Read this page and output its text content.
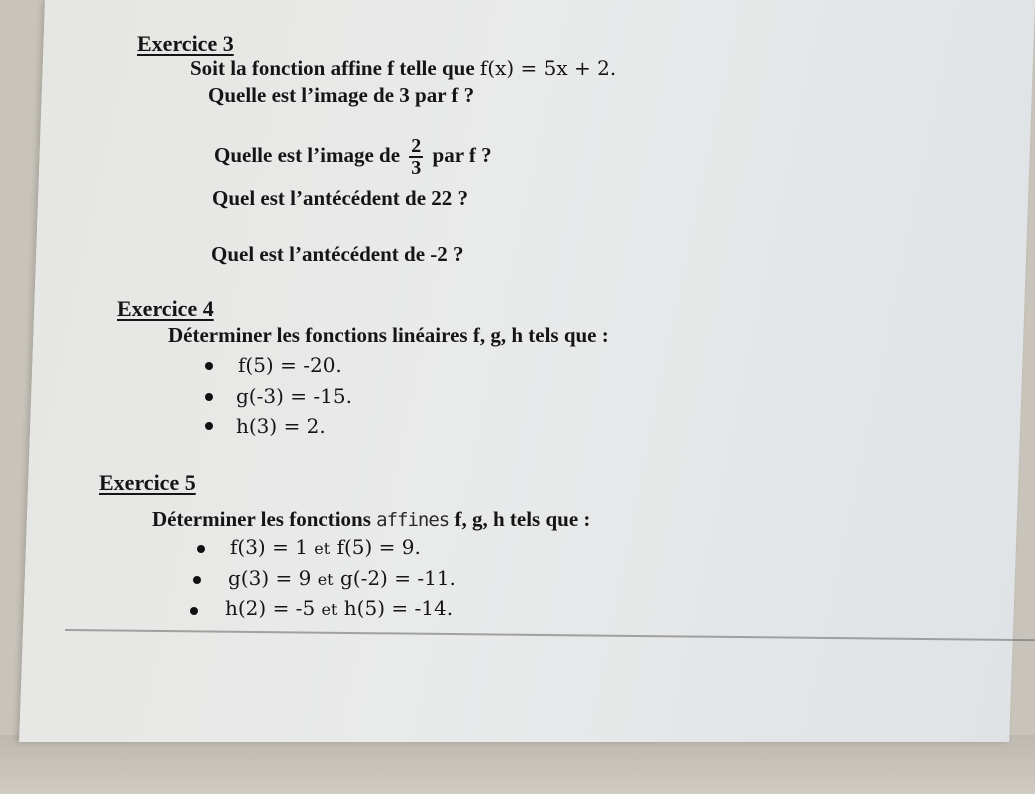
Exercice 3
Soit la fonction affine f telle que f(x) = 5x + 2.
Quelle est l’image de 3 par f ?
Quelle est l’image de $\frac{2}{3}$ par f ?
Quel est l’antécédent de 22 ?
Quel est l’antécédent de -2 ?
Exercice 4
Déterminer les fonctions linéaires f, g, h tels que :
f(5) = -20.
g(-3) = -15.
h(3) = 2.
Exercice 5
Déterminer les fonctions affines f, g, h tels que :
f(3) = 1 et f(5) = 9.
g(3) = 9 et g(-2) = -11.
h(2) = -5 et h(5) = -14.
